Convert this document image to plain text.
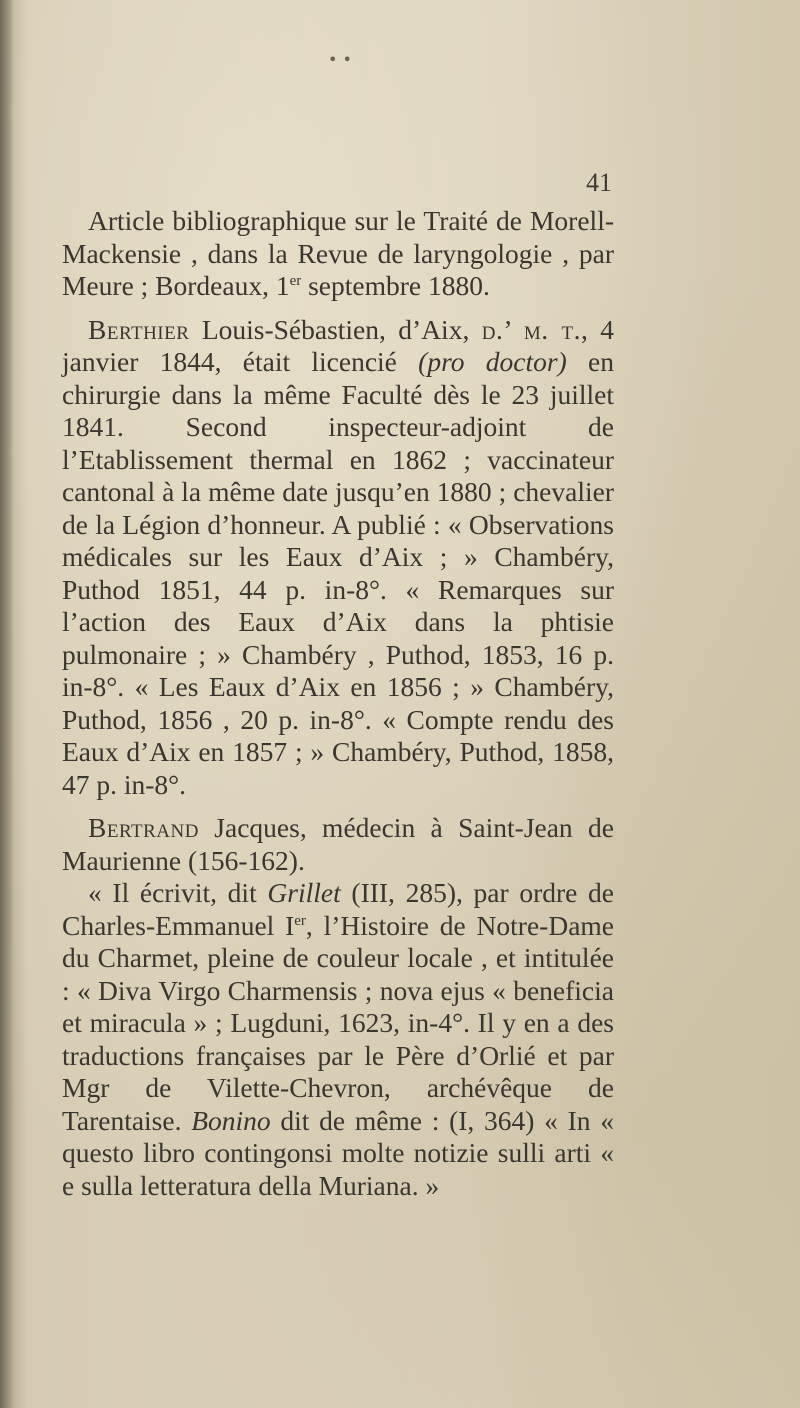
• •
41

Article bibliographique sur le Traité de Morell-Mackensie , dans la Revue de laryngologie , par Meure ; Bordeaux, 1er septembre 1880.

Berthier Louis-Sébastien, d’Aix, d.’ m. t., 4 janvier 1844, était licencié (pro doctor) en chirurgie dans la même Faculté dès le 23 juillet 1841. Second inspecteur-adjoint de l’Etablissement thermal en 1862 ; vaccinateur cantonal à la même date jusqu’en 1880 ; chevalier de la Légion d’honneur. A publié : « Observations médicales sur les Eaux d’Aix ; » Chambéry, Puthod 1851, 44 p. in-8°. « Remarques sur l’action des Eaux d’Aix dans la phtisie pulmonaire ; » Chambéry , Puthod, 1853, 16 p. in-8°. « Les Eaux d’Aix en 1856 ; » Chambéry, Puthod, 1856 , 20 p. in-8°. « Compte rendu des Eaux d’Aix en 1857 ; » Chambéry, Puthod, 1858, 47 p. in-8°.

Bertrand Jacques, médecin à Saint-Jean de Maurienne (156-162).

« Il écrivit, dit Grillet (III, 285), par ordre de Charles-Emmanuel Ier, l’Histoire de Notre-Dame du Charmet, pleine de couleur locale , et intitulée : « Diva Virgo Charmensis ; nova ejus « beneficia et miracula » ; Lugduni, 1623, in-4°. Il y en a des traductions françaises par le Père d’Orlié et par Mgr de Vilette-Chevron, archévêque de Tarentaise. Bonino dit de même : (I, 364) « In « questo libro contingonsi molte notizie sulli arti « e sulla letteratura della Muriana. »
